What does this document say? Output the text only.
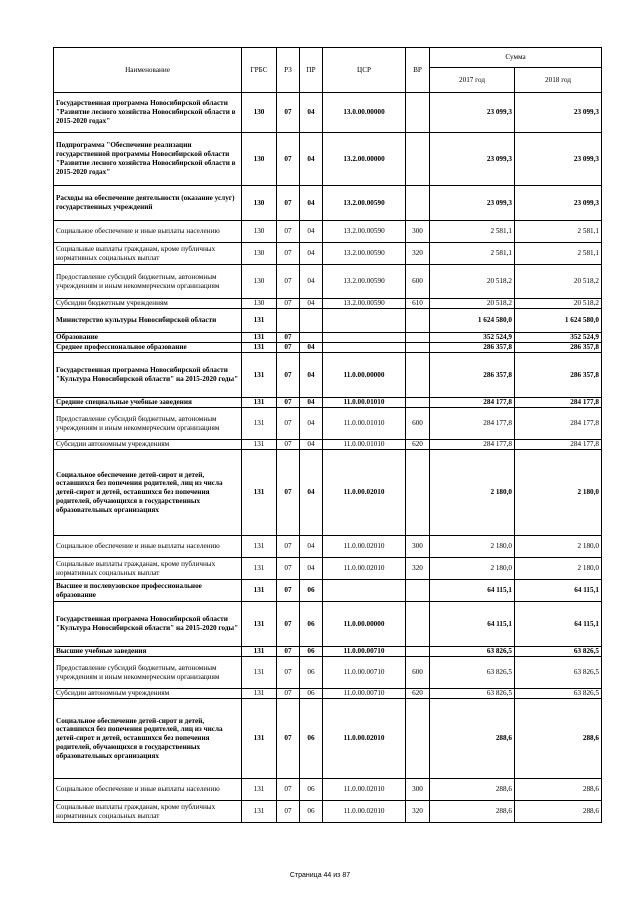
Наименование	ГРБС	РЗ	ПР	ЦСР	ВР	Сумма	
						2017 год	2018 год
Государственная программа Новосибирской области "Развитие лесного хозяйства Новосибирской области в 2015-2020 годах"	130	07	04	13.0.00.00000		23 099,3	23 099,3
Подпрограмма "Обеспечение реализации государственной программы Новосибирской области "Развитие лесного хозяйства Новосибирской области в 2015-2020 годах"	130	07	04	13.2.00.00000		23 099,3	23 099,3
Расходы на обеспечение деятельности (оказание услуг) государственных учреждений	130	07	04	13.2.00.00590		23 099,3	23 099,3
Социальное обеспечение и иные выплаты населению	130	07	04	13.2.00.00590	300	2 581,1	2 581,1
Социальные выплаты гражданам, кроме публичных нормативных социальных выплат	130	07	04	13.2.00.00590	320	2 581,1	2 581,1
Предоставление субсидий бюджетным, автономным учреждениям и иным некоммерческим организациям	130	07	04	13.2.00.00590	600	20 518,2	20 518,2
Субсидии бюджетным учреждениям	130	07	04	13.2.00.00590	610	20 518,2	20 518,2
Министерство культуры Новосибирской области	131					1 624 580,0	1 624 580,0
Образование	131	07				352 524,9	352 524,9
Среднее профессиональное образование	131	07	04			286 357,8	286 357,8
Государственная программа Новосибирской области "Культура Новосибирской области" на 2015-2020 годы"	131	07	04	11.0.00.00000		286 357,8	286 357,8
Средние специальные учебные заведения	131	07	04	11.0.00.01010		284 177,8	284 177,8
Предоставление субсидий бюджетным, автономным учреждениям и иным некоммерческим организациям	131	07	04	11.0.00.01010	600	284 177,8	284 177,8
Субсидии автономным учреждениям	131	07	04	11.0.00.01010	620	284 177,8	284 177,8
Социальное обеспечение детей-сирот и детей, оставшихся без попечения родителей, лиц из числа детей-сирот и детей, оставшихся без попечения родителей, обучающихся в государственных образовательных организациях	131	07	04	11.0.00.02010		2 180,0	2 180,0
Социальное обеспечение и иные выплаты населению	131	07	04	11.0.00.02010	300	2 180,0	2 180,0
Социальные выплаты гражданам, кроме публичных нормативных социальных выплат	131	07	04	11.0.00.02010	320	2 180,0	2 180,0
Высшее и послевузовское профессиональное образование	131	07	06			64 115,1	64 115,1
Государственная программа Новосибирской области "Культура Новосибирской области" на 2015-2020 годы"	131	07	06	11.0.00.00000		64 115,1	64 115,1
Высшие учебные заведения	131	07	06	11.0.00.00710		63 826,5	63 826,5
Предоставление субсидий бюджетным, автономным учреждениям и иным некоммерческим организациям	131	07	06	11.0.00.00710	600	63 826,5	63 826,5
Субсидии автономным учреждениям	131	07	06	11.0.00.00710	620	63 826,5	63 826,5
Социальное обеспечение детей-сирот и детей, оставшихся без попечения родителей, лиц из числа детей-сирот и детей, оставшихся без попечения родителей, обучающихся в государственных образовательных организациях	131	07	06	11.0.00.02010		288,6	288,6
Социальное обеспечение и иные выплаты населению	131	07	06	11.0.00.02010	300	288,6	288,6
Социальные выплаты гражданам, кроме публичных нормативных социальных выплат	131	07	06	11.0.00.02010	320	288,6	288,6
Страница 44 из 87
